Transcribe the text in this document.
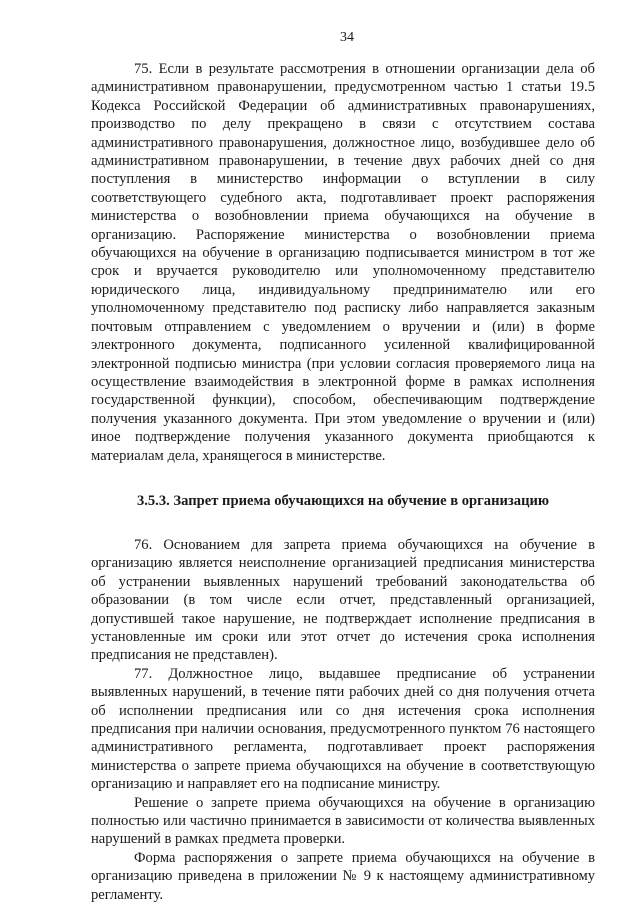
34

75. Если в результате рассмотрения в отношении организации дела об административном правонарушении, предусмотренном частью 1 статьи 19.5 Кодекса Российской Федерации об административных правонарушениях, производство по делу прекращено в связи с отсутствием состава административного правонарушения, должностное лицо, возбудившее дело об административном правонарушении, в течение двух рабочих дней со дня поступления в министерство информации о вступлении в силу соответствующего судебного акта, подготавливает проект распоряжения министерства о возобновлении приема обучающихся на обучение в организацию. Распоряжение министерства о возобновлении приема обучающихся на обучение в организацию подписывается министром в тот же срок и вручается руководителю или уполномоченному представителю юридического лица, индивидуальному предпринимателю или его уполномоченному представителю под расписку либо направляется заказным почтовым отправлением с уведомлением о вручении и (или) в форме электронного документа, подписанного усиленной квалифицированной электронной подписью министра (при условии согласия проверяемого лица на осуществление взаимодействия в электронной форме в рамках исполнения государственной функции), способом, обеспечивающим подтверждение получения указанного документа. При этом уведомление о вручении и (или) иное подтверждение получения указанного документа приобщаются к материалам дела, хранящегося в министерстве.

3.5.3. Запрет приема обучающихся на обучение в организацию

76. Основанием для запрета приема обучающихся на обучение в организацию является неисполнение организацией предписания министерства об устранении выявленных нарушений требований законодательства об образовании (в том числе если отчет, представленный организацией, допустившей такое нарушение, не подтверждает исполнение предписания в установленные им сроки или этот отчет до истечения срока исполнения предписания не представлен).

77. Должностное лицо, выдавшее предписание об устранении выявленных нарушений, в течение пяти рабочих дней со дня получения отчета об исполнении предписания или со дня истечения срока исполнения предписания при наличии основания, предусмотренного пунктом 76 настоящего административного регламента, подготавливает проект распоряжения министерства о запрете приема обучающихся на обучение в соответствующую организацию и направляет его на подписание министру.

Решение о запрете приема обучающихся на обучение в организацию полностью или частично принимается в зависимости от количества выявленных нарушений в рамках предмета проверки.

Форма распоряжения о запрете приема обучающихся на обучение в организацию приведена в приложении № 9 к настоящему административному регламенту.
